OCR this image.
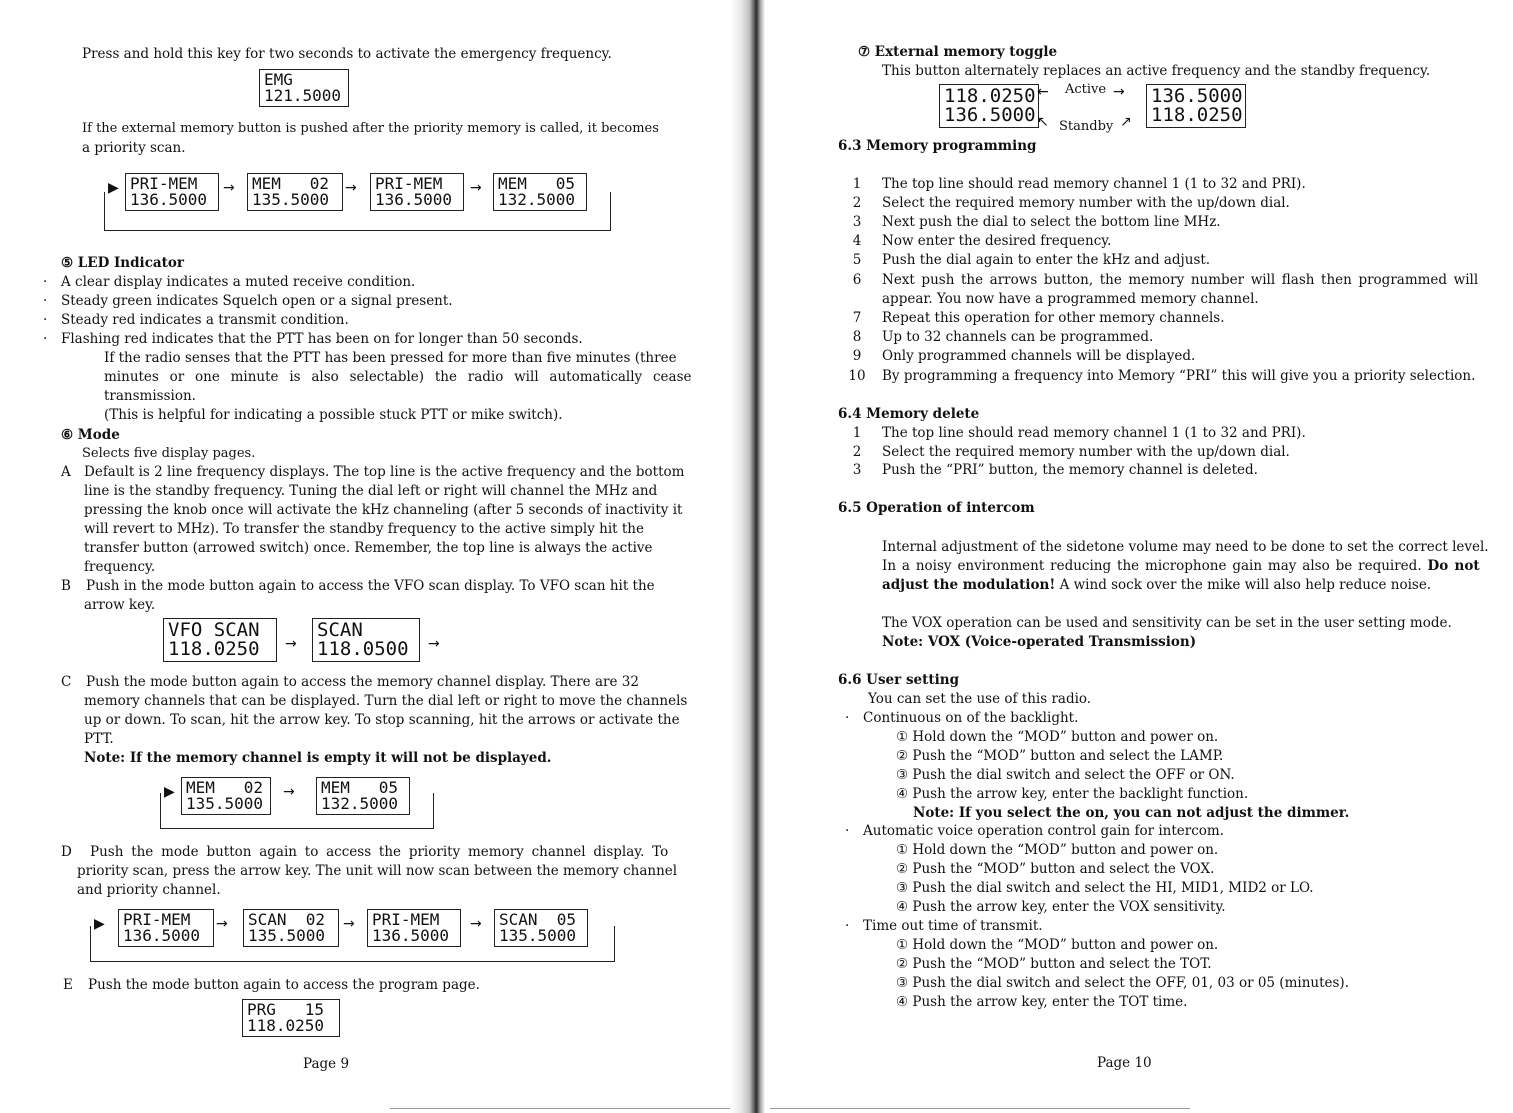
Press and hold this key for two seconds to activate the emergency frequency.
EMG
121.5000
If the external memory button is pushed after the priority memory is called, it becomes
a priority scan.
▶ PRI-MEM
136.5000
→	MEM   02
135.5000
→	PRI-MEM
136.5000
→	MEM   05
132.5000
⑤ LED Indicator
· A clear display indicates a muted receive condition.
· Steady green indicates Squelch open or a signal present.
· Steady red indicates a transmit condition.
· Flashing red indicates that the PTT has been on for longer than 50 seconds.
If the radio senses that the PTT has been pressed for more than five minutes (three
minutes or one minute is also selectable) the radio will automatically cease
transmission.
(This is helpful for indicating a possible stuck PTT or mike switch).
⑥ Mode
Selects five display pages.
A Default is 2 line frequency displays. The top line is the active frequency and the bottom
line is the standby frequency. Tuning the dial left or right will channel the MHz and
pressing the knob once will activate the kHz channeling (after 5 seconds of inactivity it
will revert to MHz). To transfer the standby frequency to the active simply hit the
transfer button (arrowed switch) once. Remember, the top line is always the active
frequency.
B Push in the mode button again to access the VFO scan display. To VFO scan hit the
arrow key.
VFO SCAN
118.0250	→
SCAN
118.0500	→
C Push the mode button again to access the memory channel display. There are 32
memory channels that can be displayed. Turn the dial left or right to move the channels
up or down. To scan, hit the arrow key. To stop scanning, hit the arrows or activate the
PTT.
Note: If the memory channel is empty it will not be displayed.
▶ MEM   02
135.5000
→	MEM   05
132.5000
D Push the mode button again to access the priority memory channel display. To
priority scan, press the arrow key. The unit will now scan between the memory channel
and priority channel.
▶	PRI-MEM
136.5000
→	SCAN  02
135.5000
→	PRI-MEM
136.5000
→	SCAN  05
135.5000
E Push the mode button again to access the program page.
PRG   15
118.0250
Page 9
⑦ External memory toggle
This button alternately replaces an active frequency and the standby frequency.
118.0250
136.5000
← Active →
↖ Standby ↗
136.5000
118.0250
6.3 Memory programming
1 The top line should read memory channel 1 (1 to 32 and PRI).
2 Select the required memory number with the up/down dial.
3 Next push the dial to select the bottom line MHz.
4 Now enter the desired frequency.
5 Push the dial again to enter the kHz and adjust.
6 Next push the arrows button, the memory number will flash then programmed will
appear. You now have a programmed memory channel.
7 Repeat this operation for other memory channels.
8 Up to 32 channels can be programmed.
9 Only programmed channels will be displayed.
10 By programming a frequency into Memory “PRI” this will give you a priority selection.
6.4 Memory delete
1 The top line should read memory channel 1 (1 to 32 and PRI).
2 Select the required memory number with the up/down dial.
3 Push the “PRI” button, the memory channel is deleted.
6.5 Operation of intercom
Internal adjustment of the sidetone volume may need to be done to set the correct level.
In a noisy environment reducing the microphone gain may also be required. Do not
adjust the modulation! A wind sock over the mike will also help reduce noise.
The VOX operation can be used and sensitivity can be set in the user setting mode.
Note: VOX (Voice-operated Transmission)
6.6 User setting
You can set the use of this radio.
· Continuous on of the backlight.
① Hold down the “MOD” button and power on.
② Push the “MOD” button and select the LAMP.
③ Push the dial switch and select the OFF or ON.
④ Push the arrow key, enter the backlight function.
Note: If you select the on, you can not adjust the dimmer.
· Automatic voice operation control gain for intercom.
① Hold down the “MOD” button and power on.
② Push the “MOD” button and select the VOX.
③ Push the dial switch and select the HI, MID1, MID2 or LO.
④ Push the arrow key, enter the VOX sensitivity.
· Time out time of transmit.
① Hold down the “MOD” button and power on.
② Push the “MOD” button and select the TOT.
③ Push the dial switch and select the OFF, 01, 03 or 05 (minutes).
④ Push the arrow key, enter the TOT time.
Page 10
